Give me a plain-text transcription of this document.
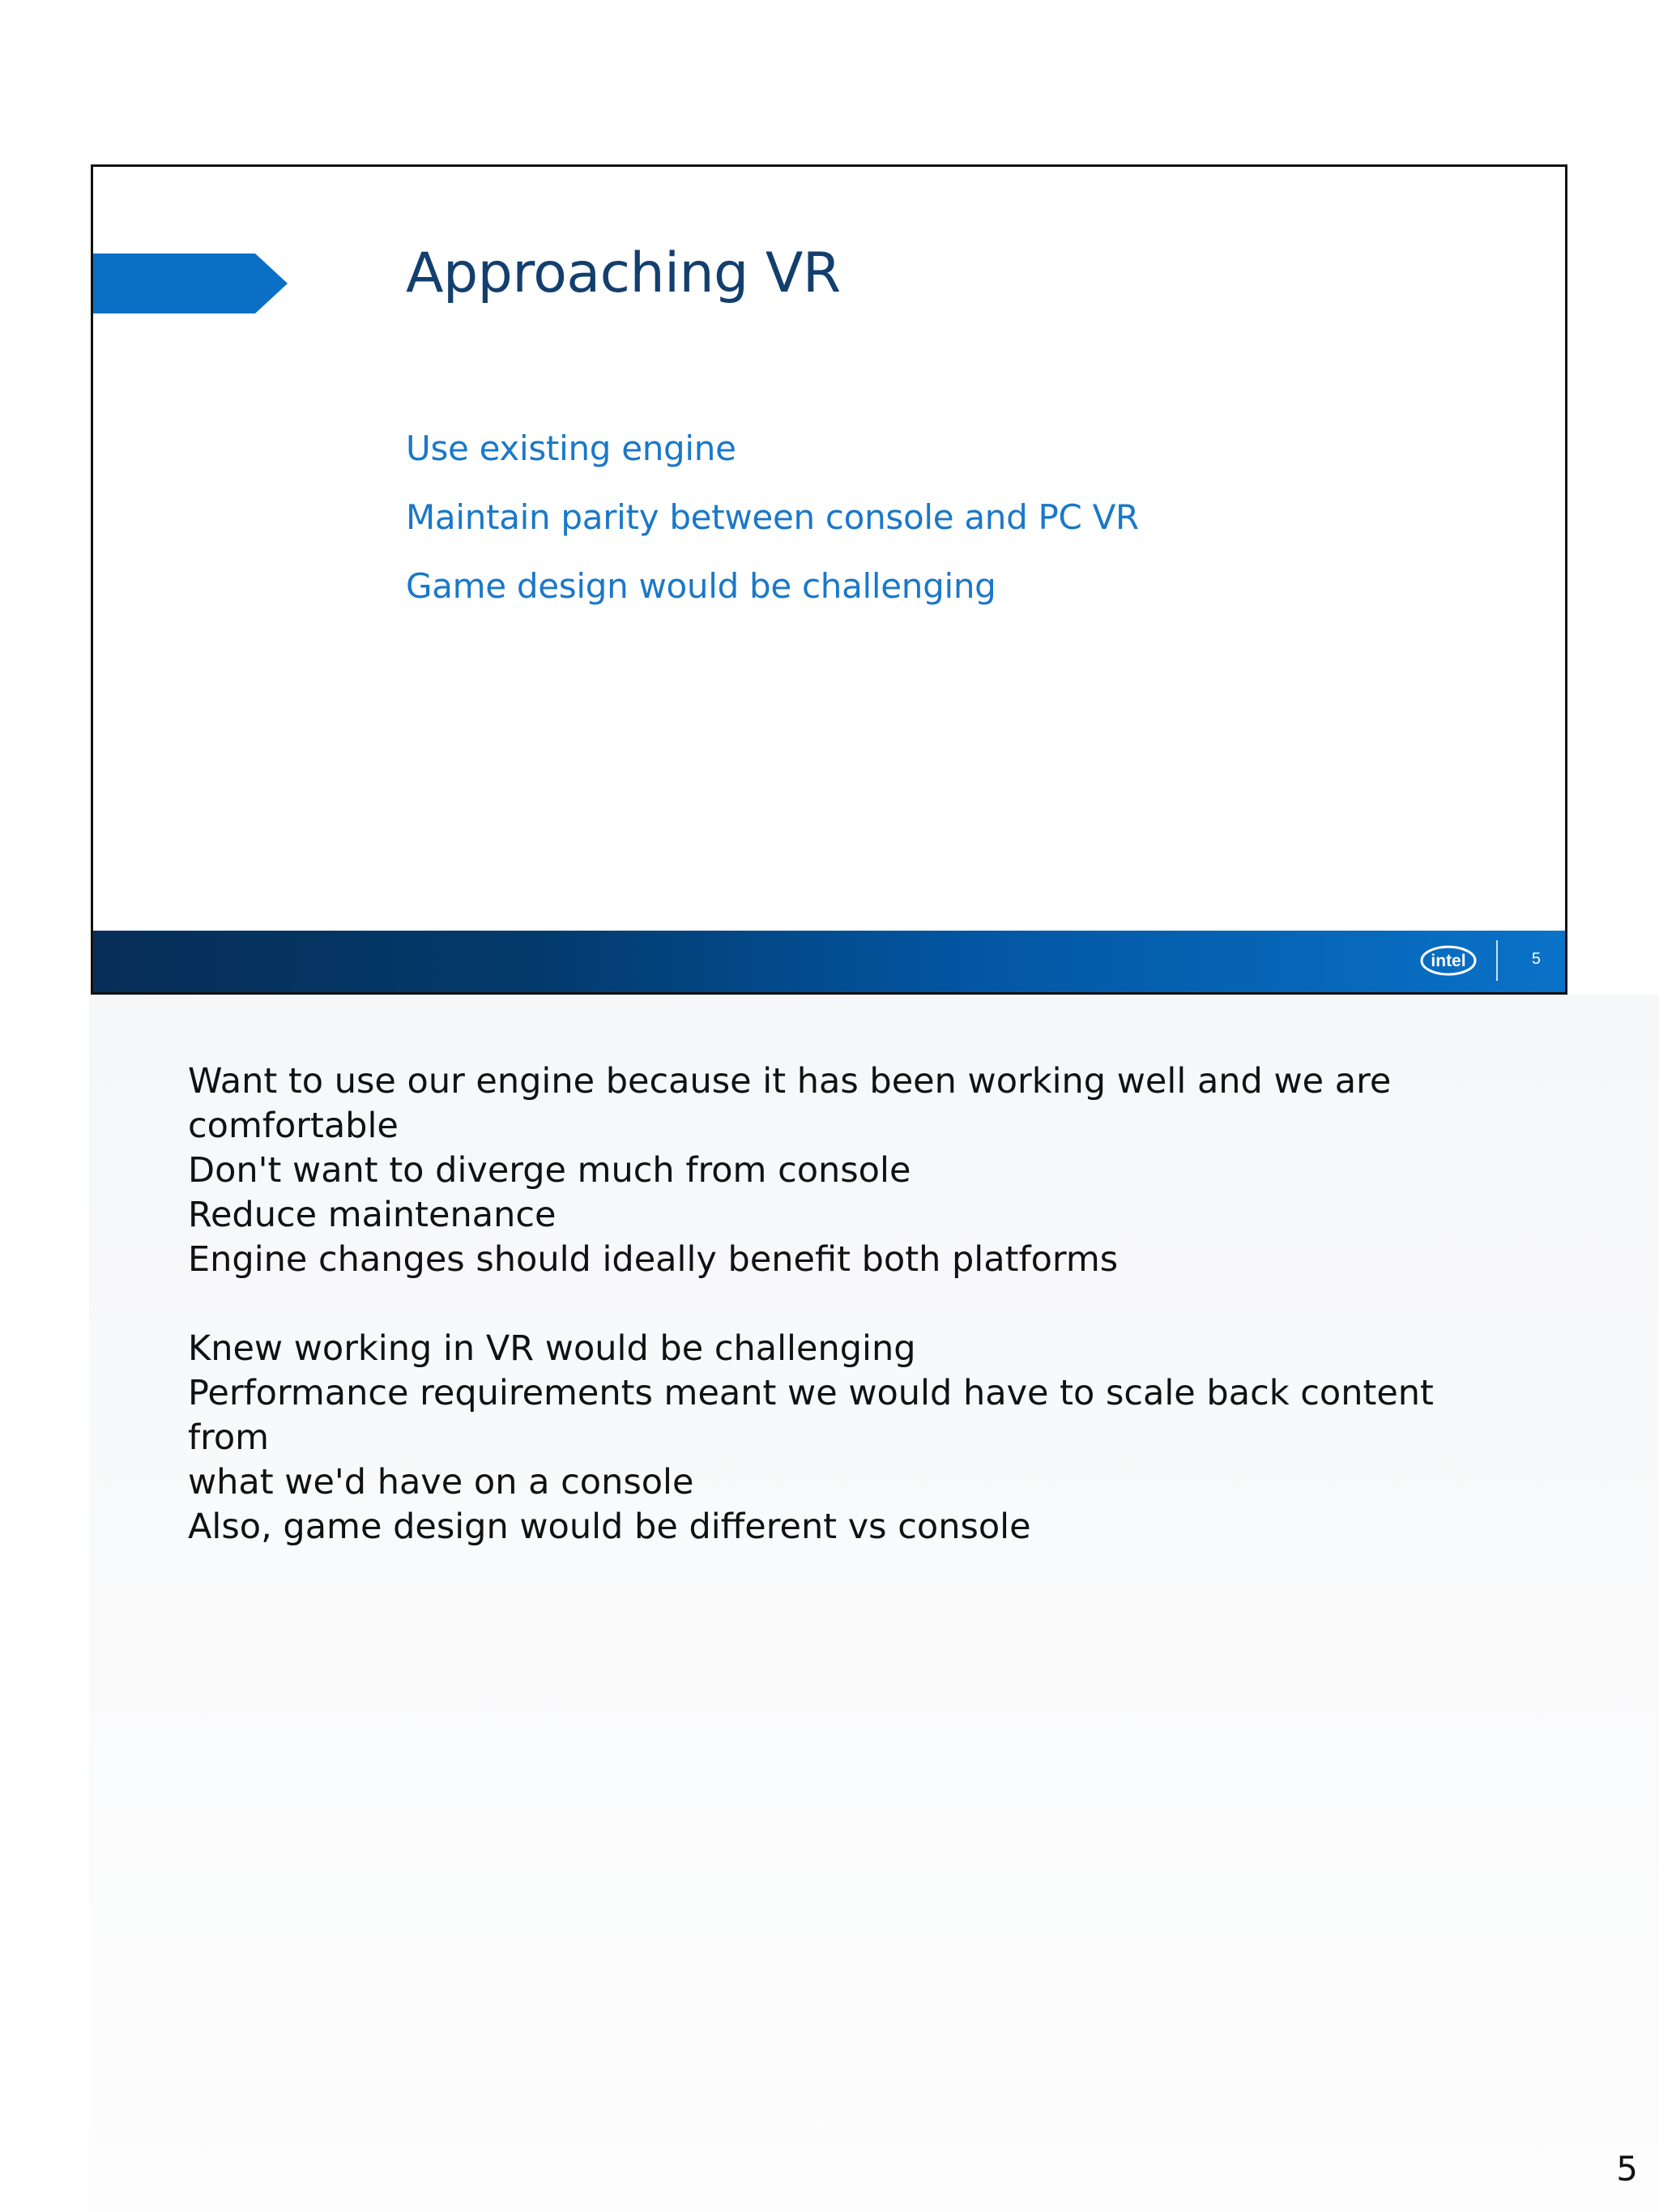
Approaching VR
Use existing engine
Maintain parity between console and PC VR
Game design would be challenging
intel	5
Want to use our engine because it has been working well and we are
comfortable
Don't want to diverge much from console
Reduce maintenance
Engine changes should ideally benefit both platforms
Knew working in VR would be challenging
Performance requirements meant we would have to scale back content from
what we'd have on a console
Also, game design would be different vs console
5
